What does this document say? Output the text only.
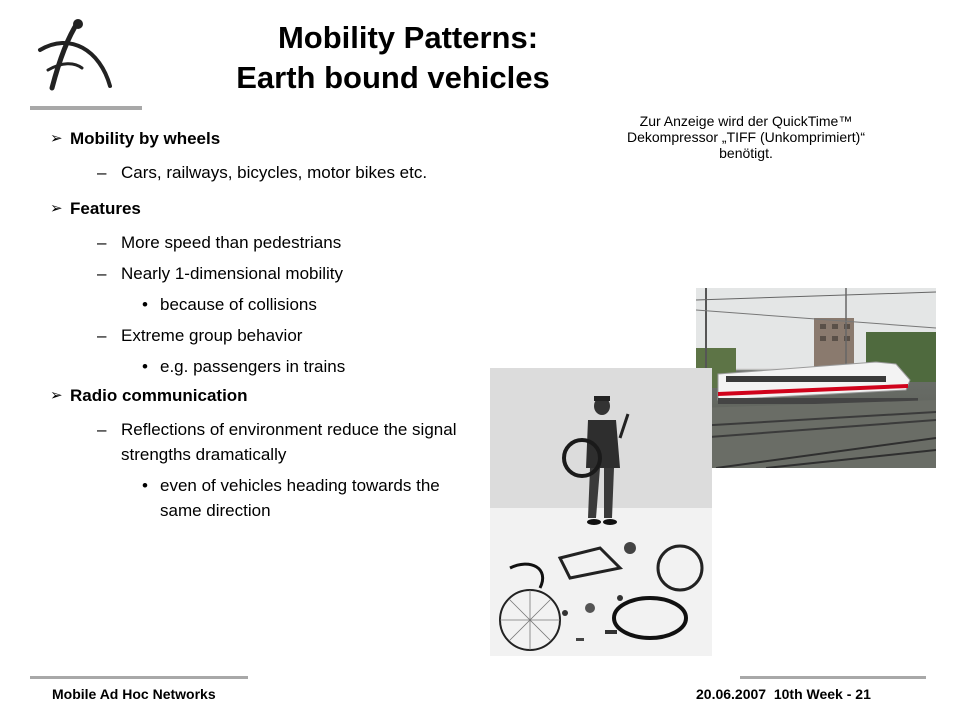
Mobility Patterns:
Earth bound vehicles
Zur Anzeige wird der QuickTime™ Dekompressor „TIFF (Unkomprimiert)“ benötigt.
➢ Mobility by wheels
– Cars, railways, bicycles, motor bikes etc.
➢ Features
– More speed than pedestrians
– Nearly 1-dimensional mobility
• because of collisions
– Extreme group behavior
• e.g. passengers in trains
➢ Radio communication
– Reflections of environment reduce the signal strengths dramatically
• even of vehicles heading towards the same direction
Mobile Ad Hoc Networks	20.06.2007  10th Week - 21
